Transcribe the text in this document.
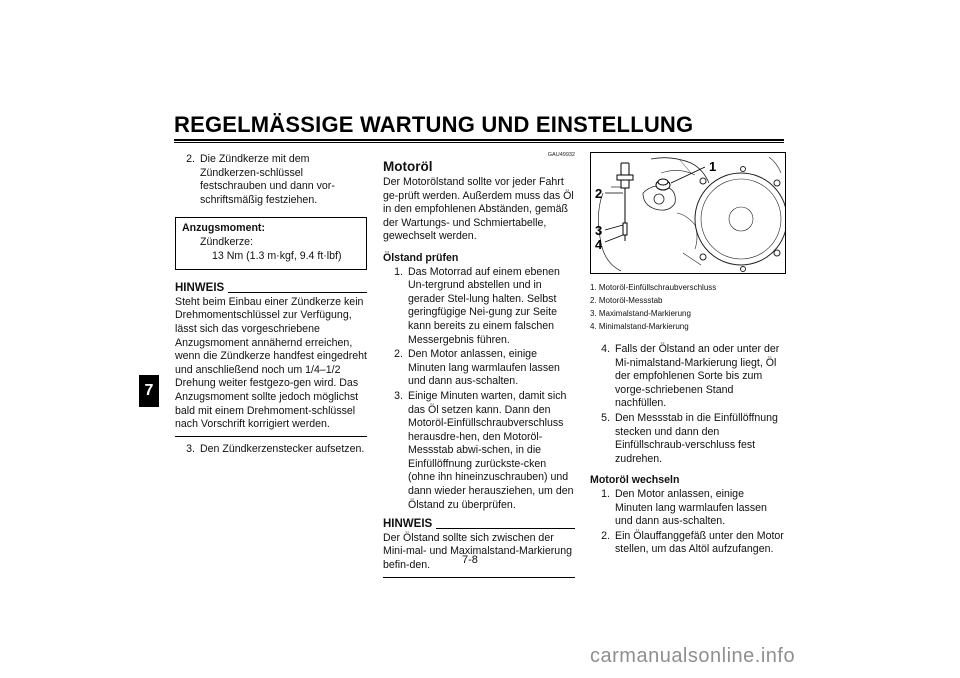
REGELMÄSSIGE WARTUNG UND EINSTELLUNG
7
2. Die Zündkerze mit dem Zündkerzen-schlüssel festschrauben und dann vor-schriftsmäßig festziehen.
Anzugsmoment:
Zündkerze:
13 Nm (1.3 m·kgf, 9.4 ft·lbf)
HINWEIS

Steht beim Einbau einer Zündkerze kein Drehmomentschlüssel zur Verfügung, lässt sich das vorgeschriebene Anzugsmoment annähernd erreichen, wenn die Zündkerze handfest eingedreht und anschließend noch um 1/4–1/2 Drehung weiter festgezo-gen wird. Das Anzugsmoment sollte jedoch möglichst bald mit einem Drehmoment-schlüssel nach Vorschrift korrigiert werden.

3. Den Zündkerzenstecker aufsetzen.
GAU49932
Motoröl

Der Motorölstand sollte vor jeder Fahrt ge-prüft werden. Außerdem muss das Öl in den empfohlenen Abständen, gemäß der Wartungs- und Schmiertabelle, gewechselt werden.

Ölstand prüfen
1. Das Motorrad auf einem ebenen Un-tergrund abstellen und in gerader Stel-lung halten. Selbst geringfügige Nei-gung zur Seite kann bereits zu einem falschen Messergebnis führen.
2. Den Motor anlassen, einige Minuten lang warmlaufen lassen und dann aus-schalten.
3. Einige Minuten warten, damit sich das Öl setzen kann. Dann den Motoröl-Einfüllschraubverschluss herausdre-hen, den Motoröl-Messstab abwi-schen, in die Einfüllöffnung zurückste-cken (ohne ihn hineinzuschrauben) und dann wieder herausziehen, um den Ölstand zu überprüfen.
HINWEIS

Der Ölstand sollte sich zwischen der Mini-mal- und Maximalstand-Markierung befin-den.

1
2
3
4
1. Motoröl-Einfüllschraubverschluss
2. Motoröl-Messstab
3. Maximalstand-Markierung
4. Minimalstand-Markierung
4. Falls der Ölstand an oder unter der Mi-nimalstand-Markierung liegt, Öl der empfohlenen Sorte bis zum vorge-schriebenen Stand nachfüllen.
5. Den Messstab in die Einfüllöffnung stecken und dann den Einfüllschraub-verschluss fest zudrehen.
Motoröl wechseln
1. Den Motor anlassen, einige Minuten lang warmlaufen lassen und dann aus-schalten.
2. Ein Ölauffanggefäß unter den Motor stellen, um das Altöl aufzufangen.
7-8
carmanualsonline.info
